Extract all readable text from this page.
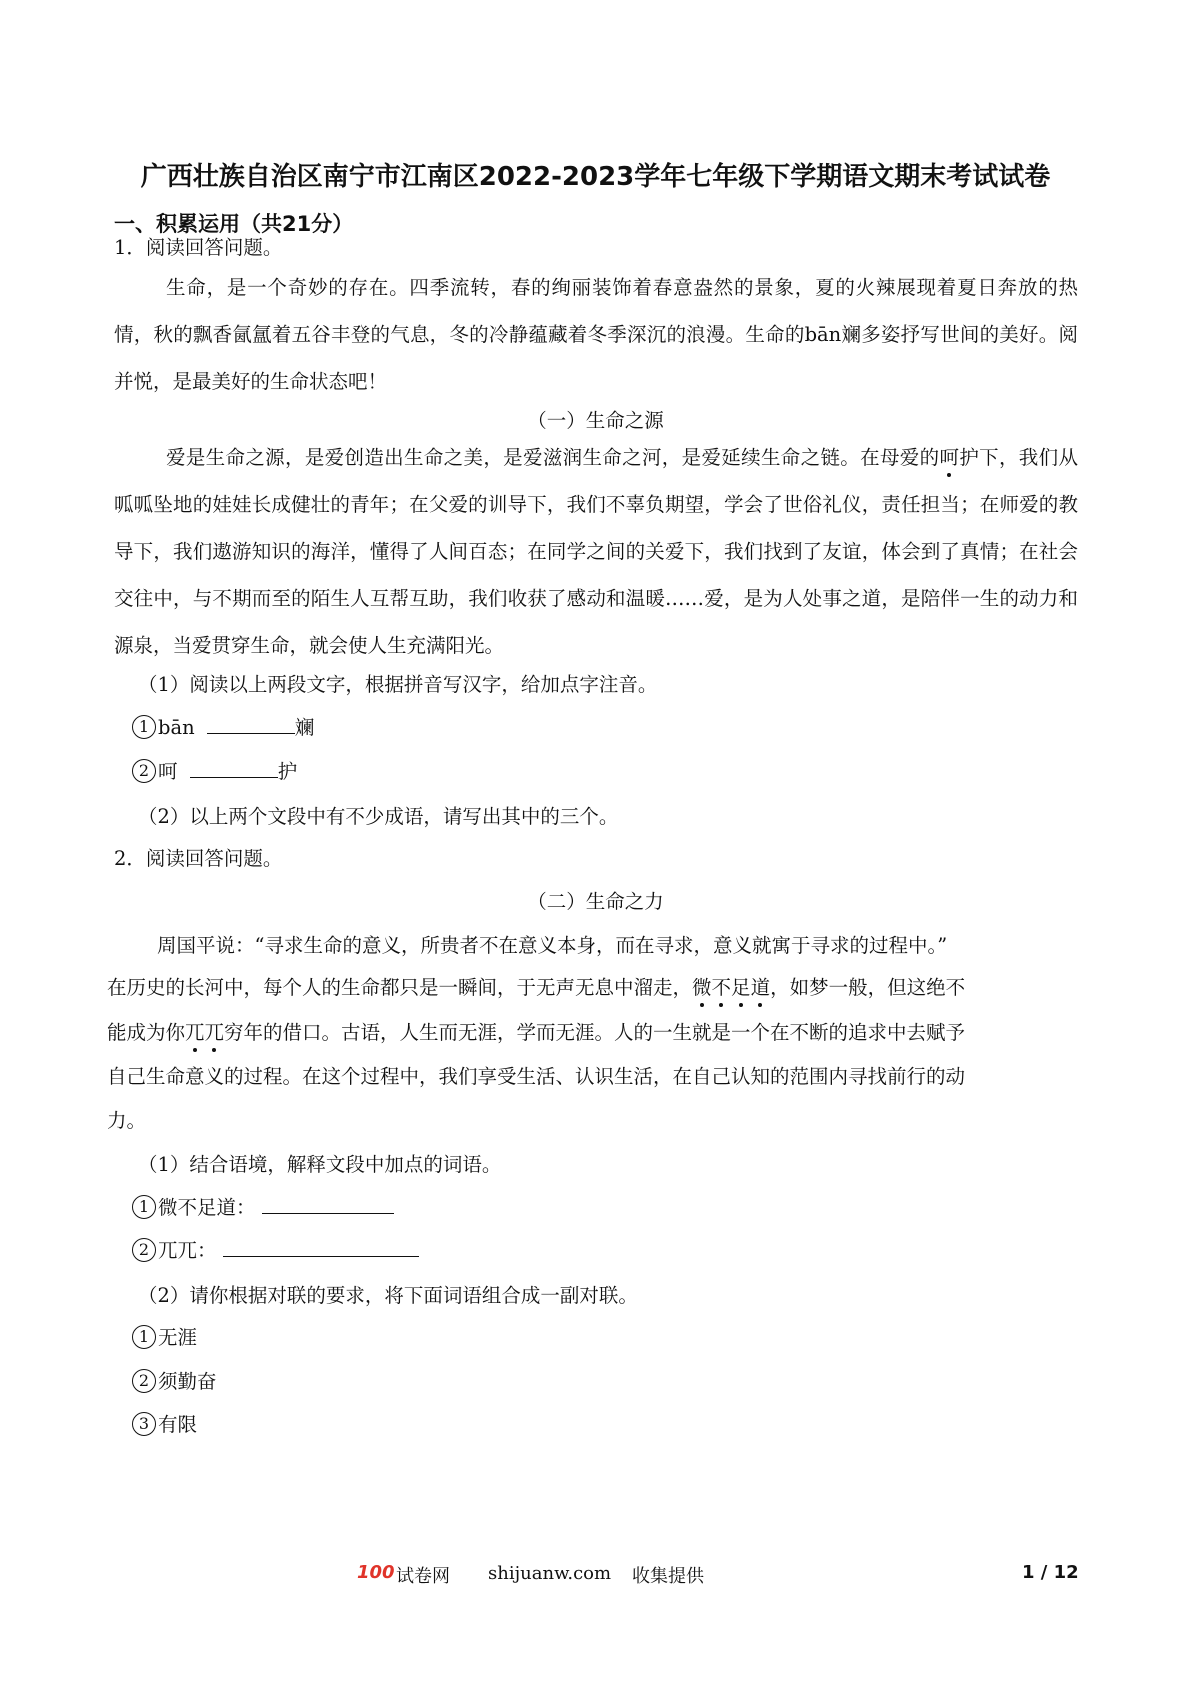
广西壮族自治区南宁市江南区2022-2023学年七年级下学期语文期末考试试卷
一、积累运用（共21分）
1．阅读回答问题。
生命，是一个奇妙的存在。四季流转，春的绚丽装饰着春意盎然的景象，夏的火辣展现着夏日奔放的热情，秋的飘香氤氲着五谷丰登的气息，冬的冷静蕴藏着冬季深沉的浪漫。生命的bān斓多姿抒写世间的美好。阅并悦，是最美好的生命状态吧！
（一）生命之源
爱是生命之源，是爱创造出生命之美，是爱滋润生命之河，是爱延续生命之链。在母爱的呵护下，我们从呱呱坠地的娃娃长成健壮的青年；在父爱的训导下，我们不辜负期望，学会了世俗礼仪，责任担当；在师爱的教导下，我们遨游知识的海洋，懂得了人间百态；在同学之间的关爱下，我们找到了友谊，体会到了真情；在社会交往中，与不期而至的陌生人互帮互助，我们收获了感动和温暖……爱，是为人处事之道，是陪伴一生的动力和源泉，当爱贯穿生命，就会使人生充满阳光。
（1）阅读以上两段文字，根据拼音写汉字，给加点字注音。
1 bān	斓
2 呵	护
（2）以上两个文段中有不少成语，请写出其中的三个。
2．阅读回答问题。
（二）生命之力
周国平说：“寻求生命的意义，所贵者不在意义本身，而在寻求，意义就寓于寻求的过程中。”
在历史的长河中，每个人的生命都只是一瞬间，于无声无息中溜走，微不足道，如梦一般，但这绝不
能成为你兀兀穷年的借口。古语，人生而无涯，学而无涯。人的一生就是一个在不断的追求中去赋予
自己生命意义的过程。在这个过程中，我们享受生活、认识生活，在自己认知的范围内寻找前行的动
力。
（1）结合语境，解释文段中加点的词语。
1 微不足道：
2 兀兀：
（2）请你根据对联的要求，将下面词语组合成一副对联。
1 无涯
2 须勤奋
3 有限
100 试卷网 shijuanw.com 收集提供	1 / 12
